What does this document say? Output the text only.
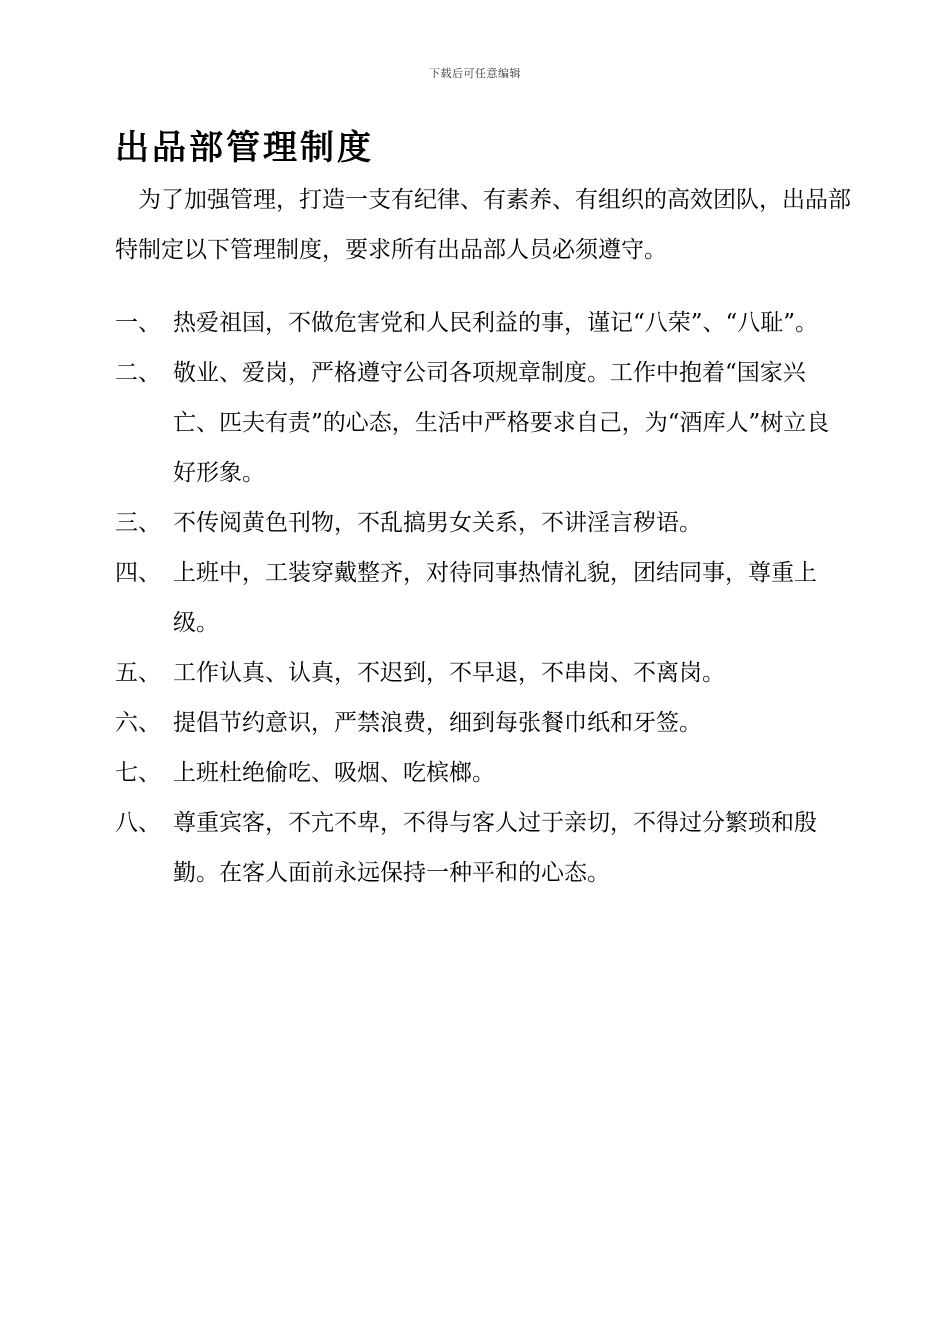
下载后可任意编辑
出品部管理制度

为了加强管理，打造一支有纪律、有素养、有组织的高效团队，出品部特制定以下管理制度，要求所有出品部人员必须遵守。

一、 热爱祖国，不做危害党和人民利益的事，谨记“八荣”、“八耻”。
二、 敬业、爱岗，严格遵守公司各项规章制度。工作中抱着“国家兴亡、匹夫有责”的心态，生活中严格要求自己，为“酒库人”树立良好形象。
三、 不传阅黄色刊物，不乱搞男女关系，不讲淫言秽语。
四、 上班中，工装穿戴整齐，对待同事热情礼貌，团结同事，尊重上级。
五、 工作认真、认真，不迟到，不早退，不串岗、不离岗。
六、 提倡节约意识，严禁浪费，细到每张餐巾纸和牙签。
七、 上班杜绝偷吃、吸烟、吃槟榔。
八、 尊重宾客，不亢不卑，不得与客人过于亲切，不得过分繁琐和殷勤。在客人面前永远保持一种平和的心态。
